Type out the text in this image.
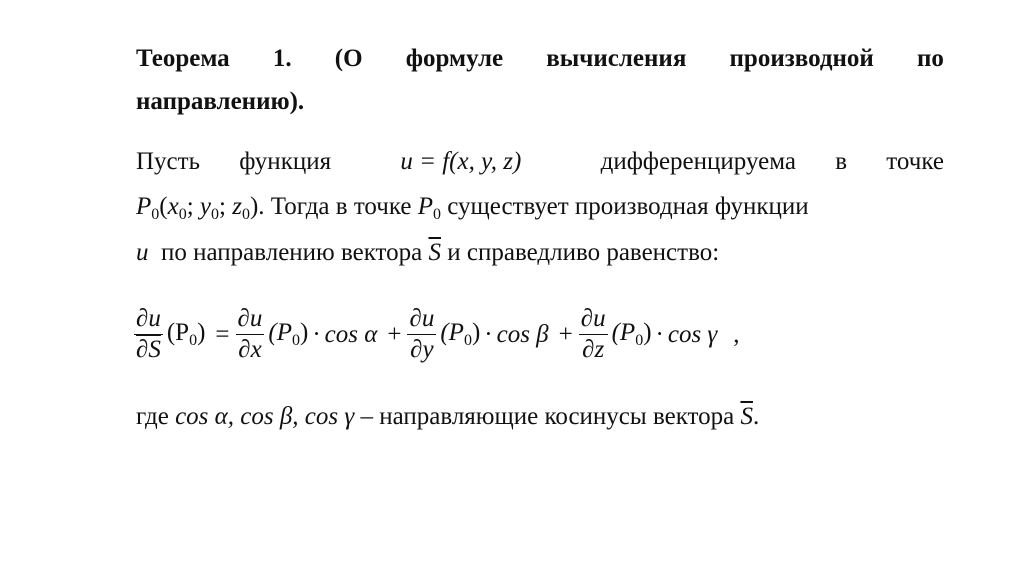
Теорема 1. (О формуле вычисления производной по
направлению).
Пусть функция	u = f(x, y, z)	дифференцируема в точке
$P_0(x_0$; $y_0$; $z_0$). Тогда в точке $P_0$ существует производная функции
u по направлению вектора $\overline{S}$ и справедливо равенство:
$\frac{\partial u}{\partial S} (P_0) = \frac{\partial u}{\partial x} (P_0) \cdot \cos \alpha + \frac{\partial u}{\partial y} (P_0) \cdot \cos \beta + \frac{\partial u}{\partial z} (P_0) \cdot \cos \gamma$ ,
где cos α, cos β, cos γ – направляющие косинусы вектора $\overline{S}$.
